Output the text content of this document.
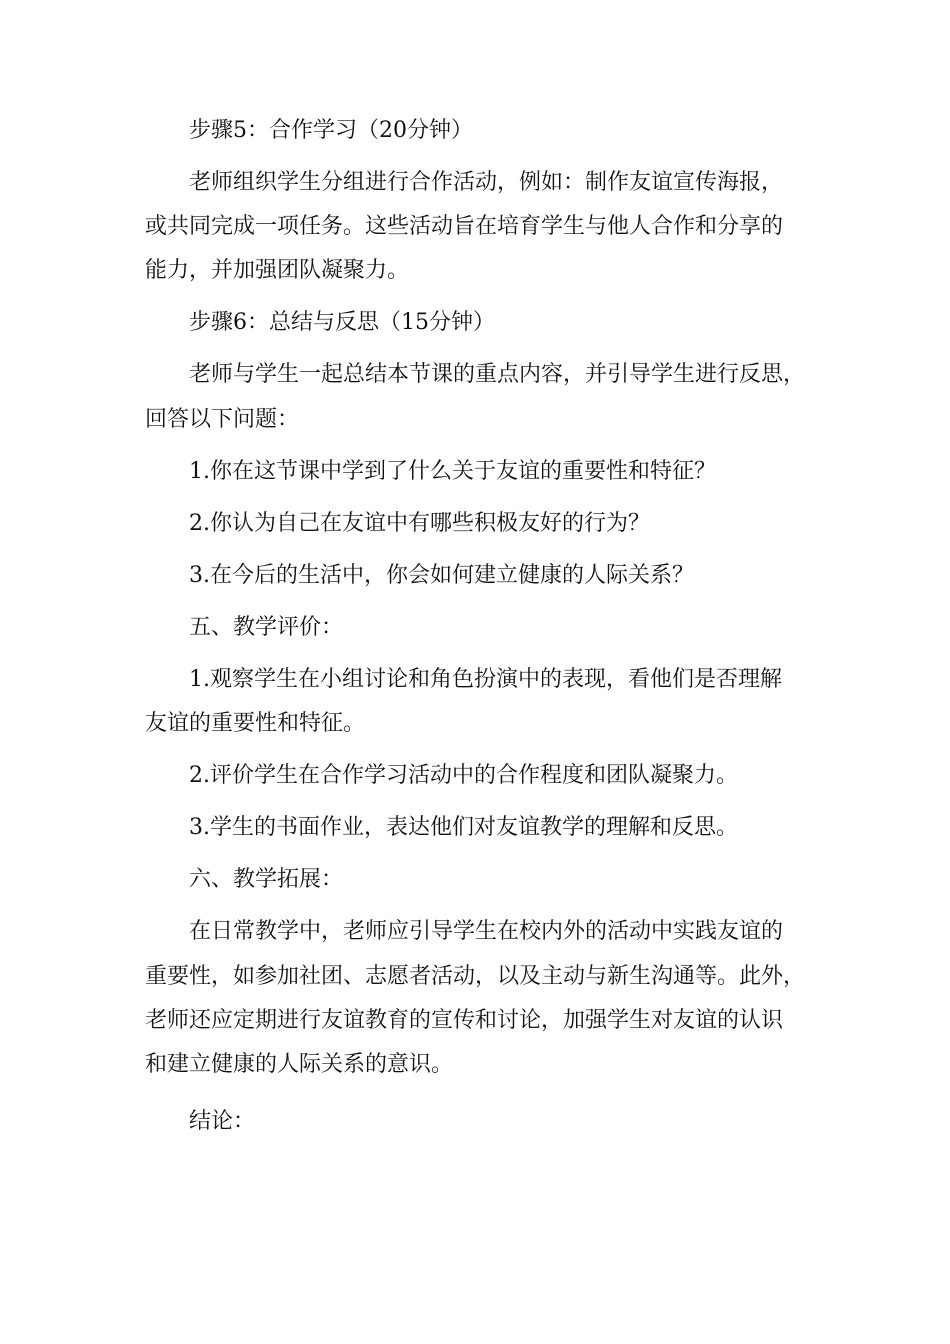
步骤5：合作学习（20分钟）
老师组织学生分组进行合作活动，例如：制作友谊宣传海报，
或共同完成一项任务。这些活动旨在培育学生与他人合作和分享的
能力，并加强团队凝聚力。
步骤6：总结与反思（15分钟）
老师与学生一起总结本节课的重点内容，并引导学生进行反思，
回答以下问题：
1.你在这节课中学到了什么关于友谊的重要性和特征？
2.你认为自己在友谊中有哪些积极友好的行为？
3.在今后的生活中，你会如何建立健康的人际关系？
五、教学评价：
1.观察学生在小组讨论和角色扮演中的表现，看他们是否理解
友谊的重要性和特征。
2.评价学生在合作学习活动中的合作程度和团队凝聚力。
3.学生的书面作业，表达他们对友谊教学的理解和反思。
六、教学拓展：
在日常教学中，老师应引导学生在校内外的活动中实践友谊的
重要性，如参加社团、志愿者活动，以及主动与新生沟通等。此外，
老师还应定期进行友谊教育的宣传和讨论，加强学生对友谊的认识
和建立健康的人际关系的意识。
结论：
